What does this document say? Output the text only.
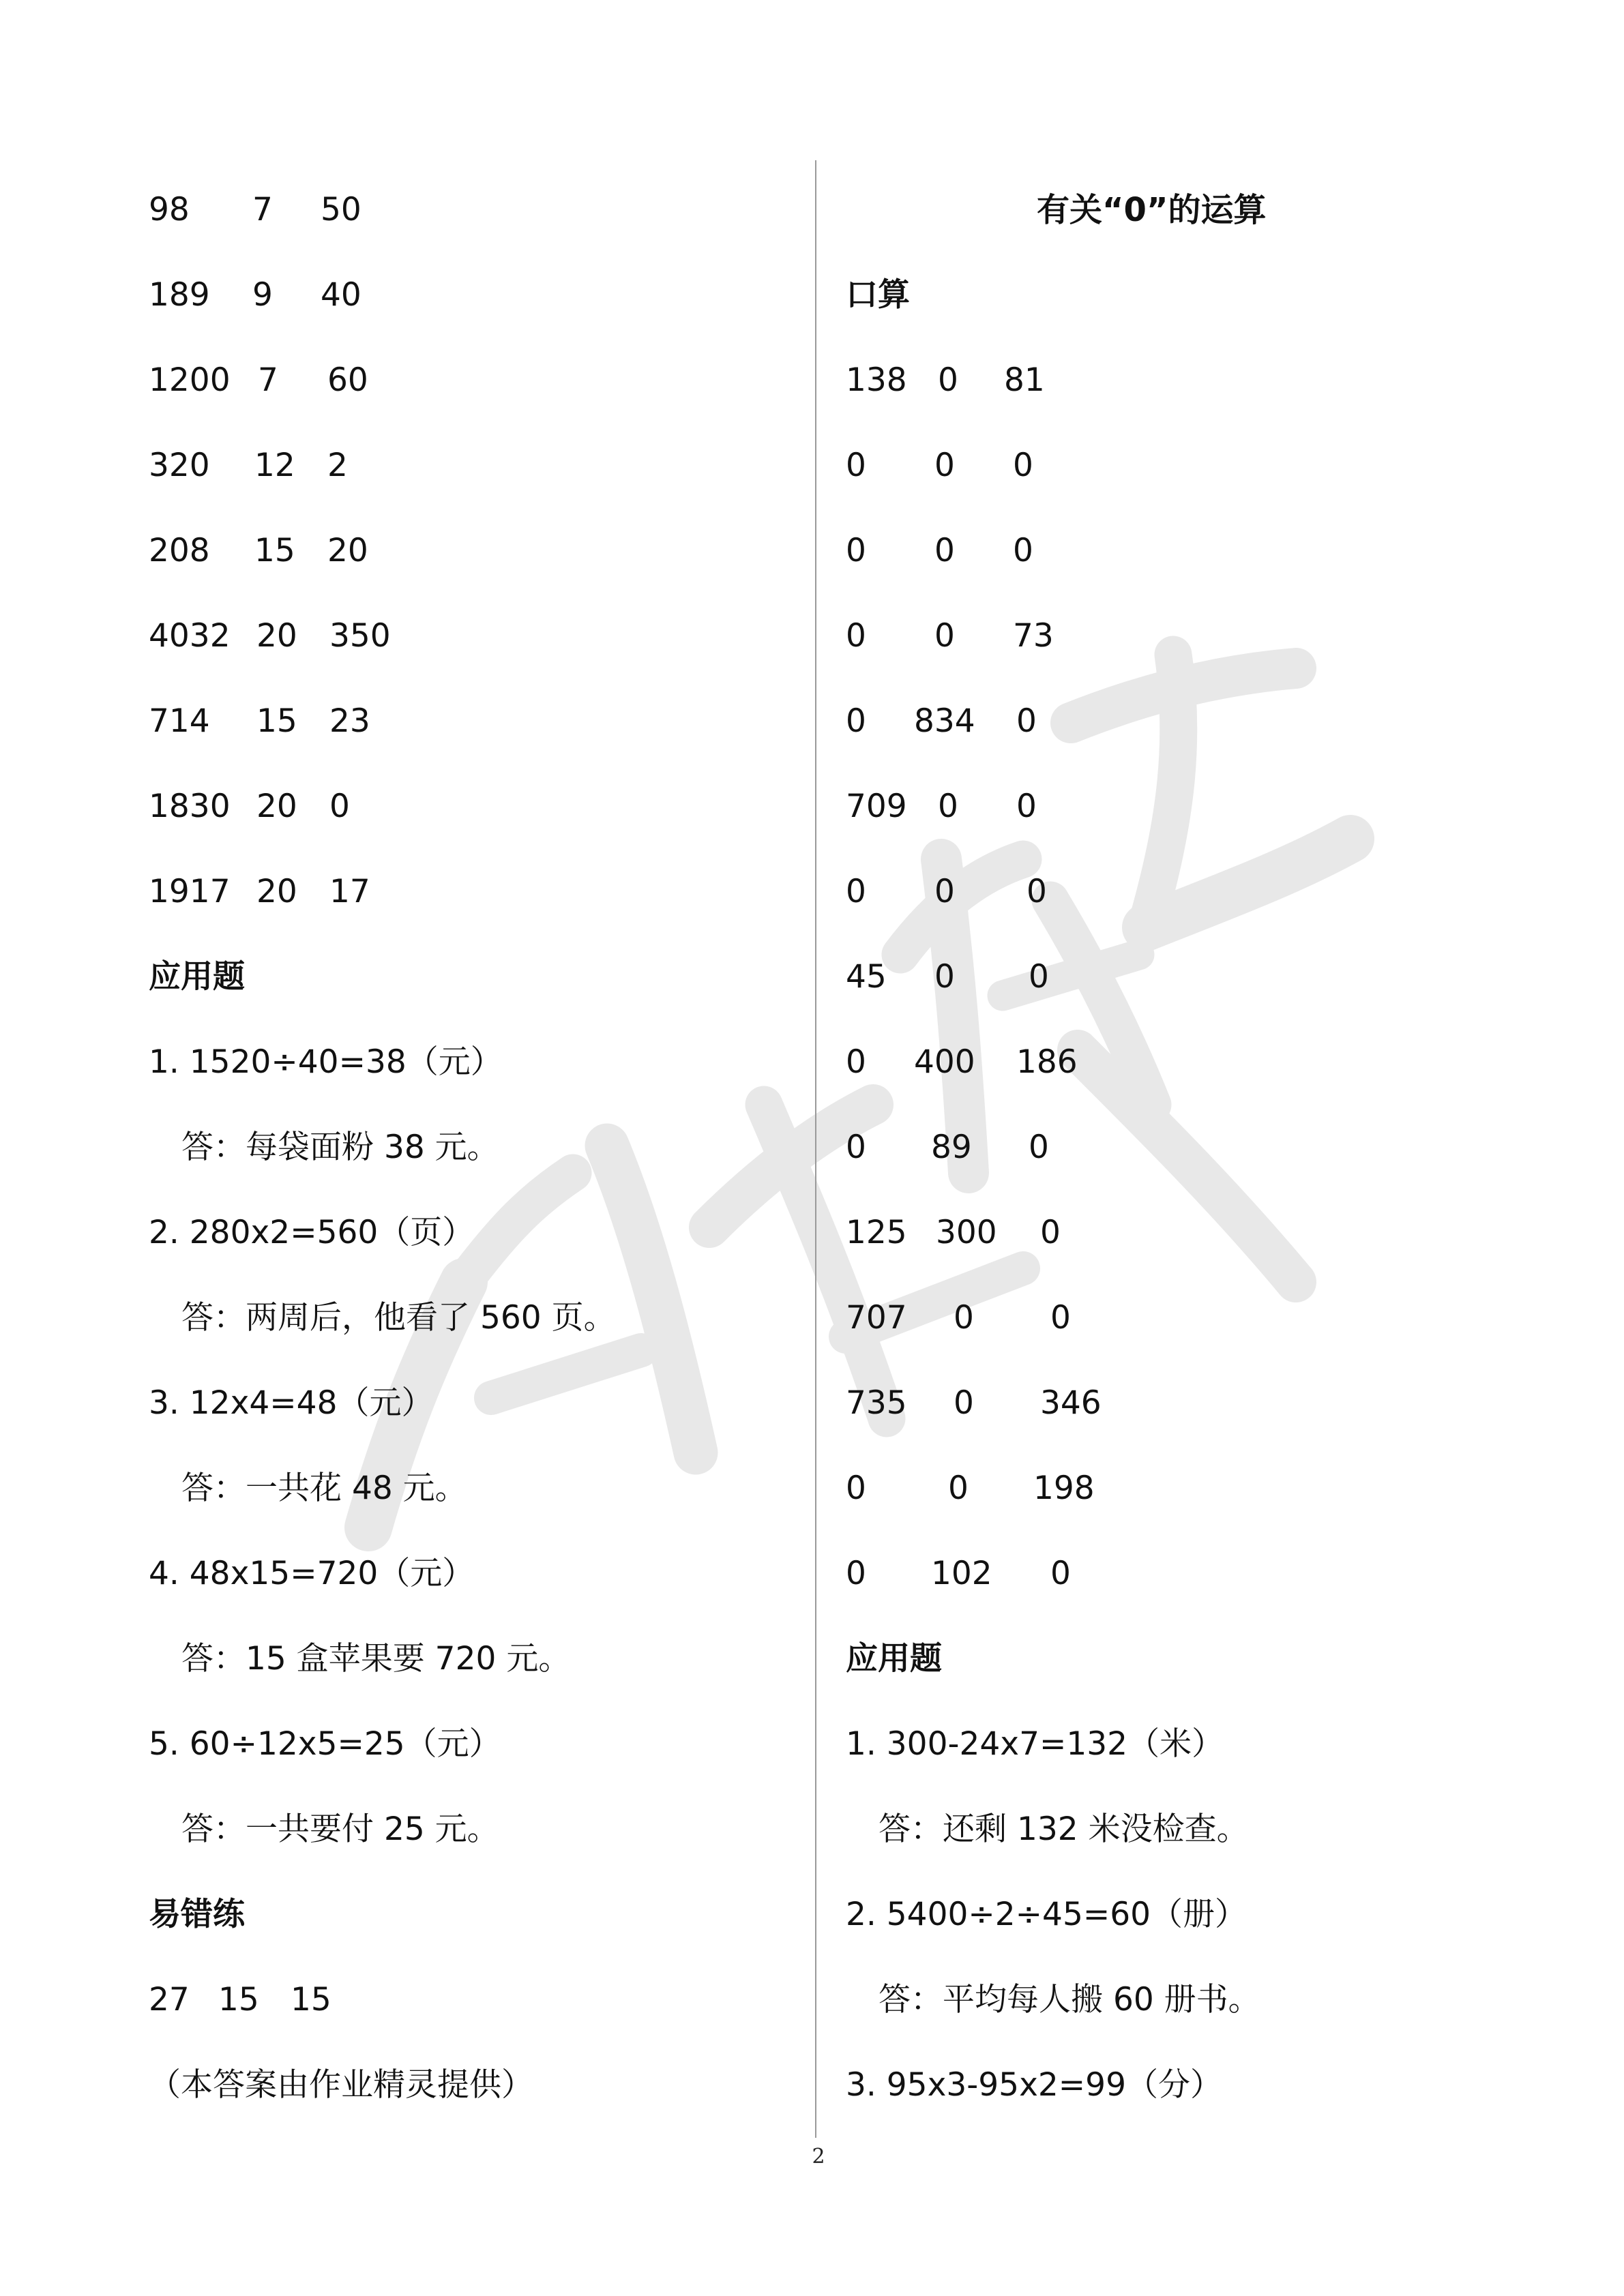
98

7

50

189

9

40

1200

7

60

320

12

2

208

15

20

4032

20

350

714

15

23

1830

20

0

1917

20

17

应用题
1. 1520÷40=38（元）
答：每袋面粉 38 元。
2. 280x2=560（页）
答：两周后，他看了 560 页。
3. 12x4=48（元）
答：一共花 48 元。
4. 48x15=720（元）
答：15 盒苹果要 720 元。
5. 60÷12x5=25（元）
答：一共要付 25 元。
易错练

27

15

15

（本答案由作业精灵提供）
有关“0”的运算
口算

138

0

81

0

0

0

0

0

0

0

0

73

0

834

0

709

0

0

0

0

0

45

0

0

0

400

186

0

89

0

125

300

0

707

0

0

735

0

346

0

	0

198

0

102

0

应用题
1. 300-24x7=132（米）
答：还剩 132 米没检查。
2. 5400÷2÷45=60（册）
答：平均每人搬 60 册书。
3. 95x3-95x2=99（分）
2
